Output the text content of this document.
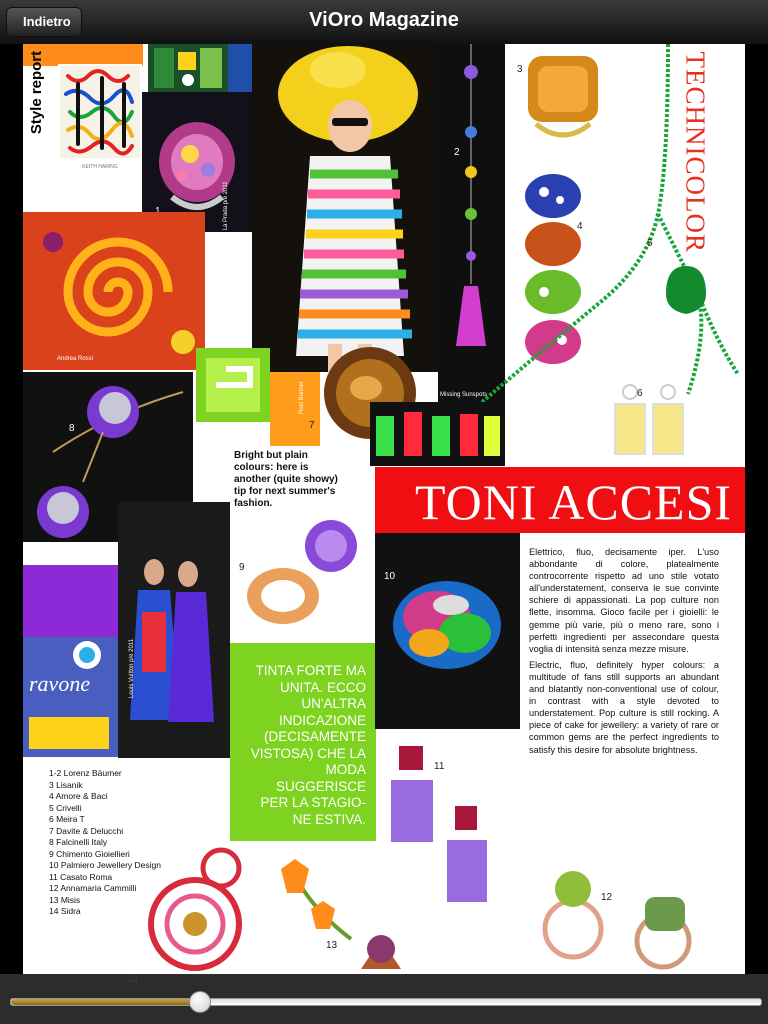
Indietro	ViOro Magazine
KEITH HARING
Style report
Andrea Rossi
Agatha Ruiz De La Prada p/e 2011
2
Missing Sunspots
3	TECHNICOLOR
4
5
6
8
Rosi Bonnet
7
Bright but plain colours: here is another (quite showy) tip for next summer's fashion.
9
TONI ACCESI
Louis Vuitton p/e 2011
ravone
TINTA FORTE MA UNITA. ECCO UN'ALTRA INDICAZIONE (DECISAMENTE VISTOSA) CHE LA MODA SUGGERISCE PER LA STAGIO- NE ESTIVA.
10

Elettrico, fluo, decisamente iper. L'uso abbondante di colore, platealmente controcorrente rispetto ad uno stile votato all'understatement, conserva le sue convinte schiere di appassionati. La pop culture non flette, insomma. Gioco facile per i gioielli: le gemme più varie, più o meno rare, sono i perfetti ingredienti per assecondare questa voglia di intensità senza mezze misure.

Electric, fluo, definitely hyper colours: a multitude of fans still supports an abundant and blatantly non-conventional use of colour, in contrast with a style devoted to understatement. Pop culture is still rocking. A piece of cake for jewellery: a variety of rare or common gems are the perfect ingredients to satisfy this desire for absolute brightness.

11
1-2 Lorenz Bäumer
3 Lisanik
4 Amore & Baci
5 Crivelli
6 Meira T
7 Davite & Delucchi
8 Falcinelli Italy
9 Chimento Gioiellieri
10 Palmiero Jewellery Design
11 Casato Roma
12 Annamaria Cammilli
13 Misis
14 Sidra
13
12
